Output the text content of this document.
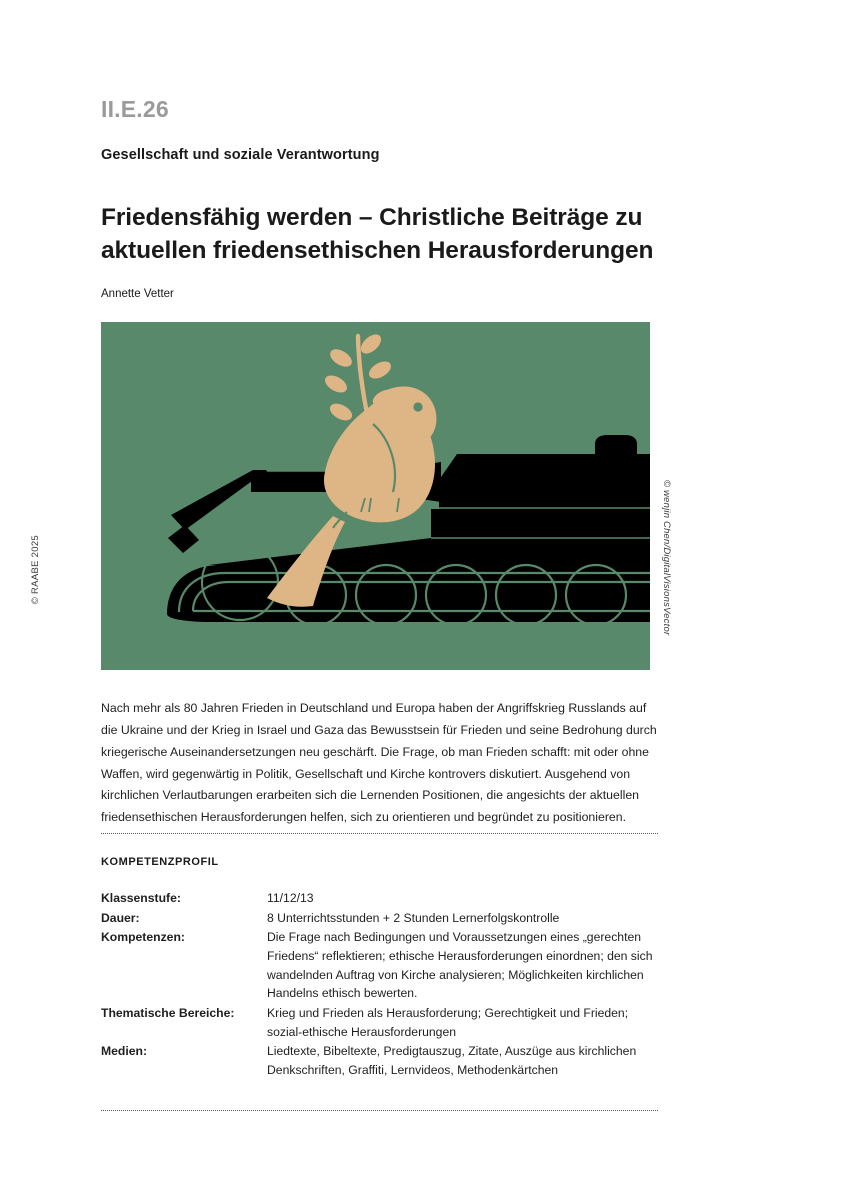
© RAABE 2025	© wenjin Chen/DigitalVisionsVector
II.E.26
Gesellschaft und soziale Verantwortung
Friedensfähig werden – Christliche Beiträge zu aktuellen friedensethischen Herausforderungen
Annette Vetter

Nach mehr als 80 Jahren Frieden in Deutschland und Europa haben der Angriffskrieg Russlands auf die Ukraine und der Krieg in Israel und Gaza das Bewusstsein für Frieden und seine Bedrohung durch kriegerische Auseinandersetzungen neu geschärft. Die Frage, ob man Frieden schafft: mit oder ohne Waffen, wird gegenwärtig in Politik, Gesellschaft und Kirche kontrovers diskutiert. Ausgehend von kirchlichen Verlautbarungen erarbeiten sich die Lernenden Positionen, die angesichts der aktuellen friedensethischen Herausforderungen helfen, sich zu orientieren und begründet zu positionieren.

KOMPETENZPROFIL
Klassenstufe:	11/12/13

Dauer:	8 Unterrichtsstunden + 2 Stunden Lernerfolgskontrolle

Kompetenzen:	Die Frage nach Bedingungen und Voraussetzungen eines „gerechten Friedens“ reflektieren; ethische Herausforderungen einordnen; den sich wandelnden Auftrag von Kirche analysieren; Möglichkeiten kirchlichen Handelns ethisch bewerten.

Thematische Bereiche:	Krieg und Frieden als Herausforderung; Gerechtigkeit und Frieden; sozial-ethische Herausforderungen

Medien:	Liedtexte, Bibeltexte, Predigtauszug, Zitate, Auszüge aus kirchlichen Denkschriften, Graffiti, Lernvideos, Methodenkärtchen
